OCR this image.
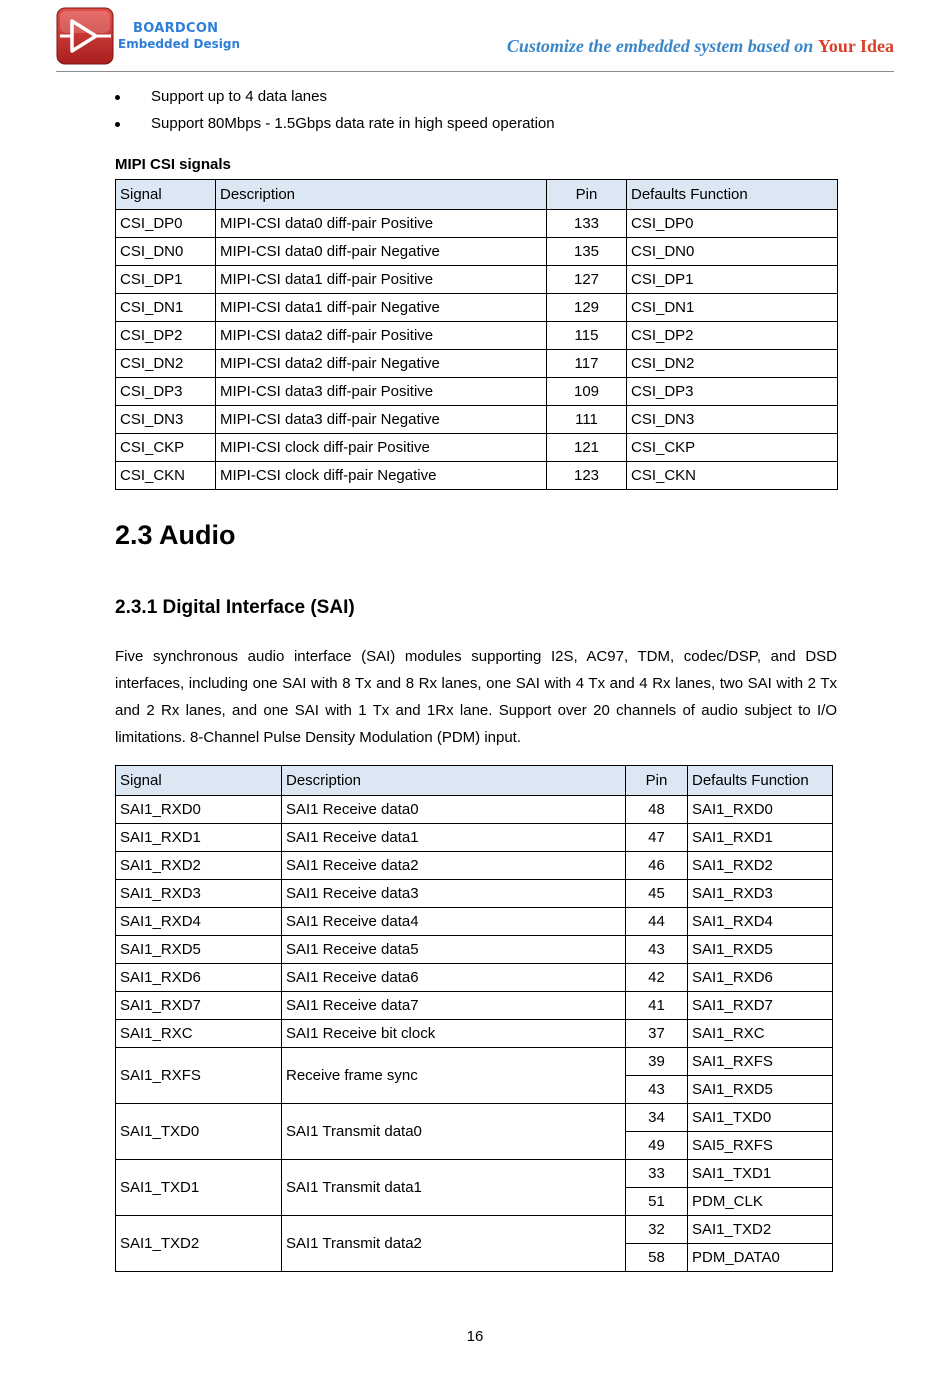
BOARDCON
Embedded Design	Customize the embedded system based on Your Idea
Support up to 4 data lanes
Support 80Mbps - 1.5Gbps data rate in high speed operation
MIPI CSI signals
Signal	Description	Pin	Defaults Function
CSI_DP0	MIPI-CSI data0 diff-pair Positive	133	CSI_DP0
CSI_DN0	MIPI-CSI data0 diff-pair Negative	135	CSI_DN0
CSI_DP1	MIPI-CSI data1 diff-pair Positive	127	CSI_DP1
CSI_DN1	MIPI-CSI data1 diff-pair Negative	129	CSI_DN1
CSI_DP2	MIPI-CSI data2 diff-pair Positive	115	CSI_DP2
CSI_DN2	MIPI-CSI data2 diff-pair Negative	117	CSI_DN2
CSI_DP3	MIPI-CSI data3 diff-pair Positive	109	CSI_DP3
CSI_DN3	MIPI-CSI data3 diff-pair Negative	111	CSI_DN3
CSI_CKP	MIPI-CSI clock diff-pair Positive	121	CSI_CKP
CSI_CKN	MIPI-CSI clock diff-pair Negative	123	CSI_CKN
2.3 Audio
2.3.1 Digital Interface (SAI)
Five synchronous audio interface (SAI) modules supporting I2S, AC97, TDM, codec/DSP, and DSD interfaces, including one SAI with 8 Tx and 8 Rx lanes, one SAI with 4 Tx and 4 Rx lanes, two SAI with 2 Tx and 2 Rx lanes, and one SAI with 1 Tx and 1Rx lane. Support over 20 channels of audio subject to I/O limitations. 8-Channel Pulse Density Modulation (PDM) input.
Signal	Description	Pin	Defaults Function
SAI1_RXD0	SAI1 Receive data0	48	SAI1_RXD0
SAI1_RXD1	SAI1 Receive data1	47	SAI1_RXD1
SAI1_RXD2	SAI1 Receive data2	46	SAI1_RXD2
SAI1_RXD3	SAI1 Receive data3	45	SAI1_RXD3
SAI1_RXD4	SAI1 Receive data4	44	SAI1_RXD4
SAI1_RXD5	SAI1 Receive data5	43	SAI1_RXD5
SAI1_RXD6	SAI1 Receive data6	42	SAI1_RXD6
SAI1_RXD7	SAI1 Receive data7	41	SAI1_RXD7
SAI1_RXC	SAI1 Receive bit clock	37	SAI1_RXC
SAI1_RXFS	Receive frame sync	39	SAI1_RXFS
		43	SAI1_RXD5
SAI1_TXD0	SAI1 Transmit data0	34	SAI1_TXD0
		49	SAI5_RXFS
SAI1_TXD1	SAI1 Transmit data1	33	SAI1_TXD1
		51	PDM_CLK
SAI1_TXD2	SAI1 Transmit data2	32	SAI1_TXD2
		58	PDM_DATA0
16
